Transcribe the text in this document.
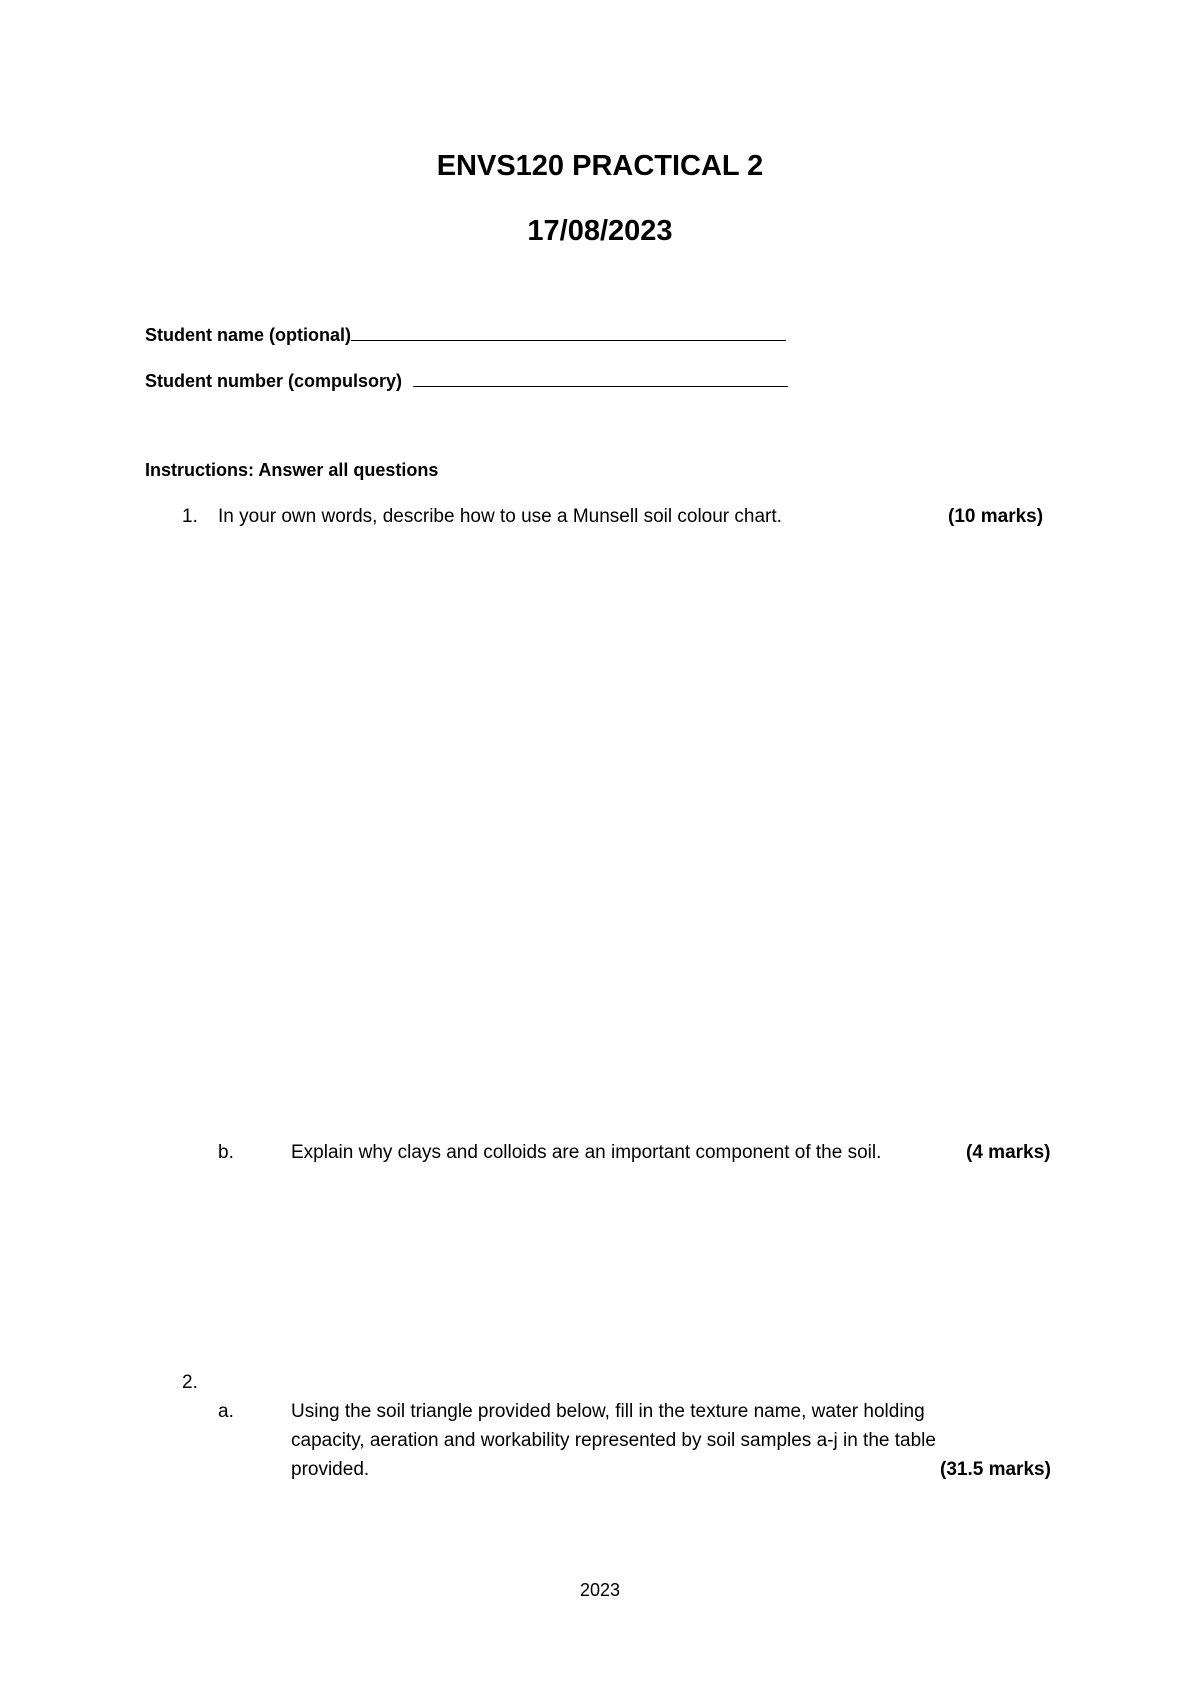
ENVS120 PRACTICAL 2
17/08/2023
Student name (optional)
Student number (compulsory)
Instructions: Answer all questions
1. In your own words, describe how to use a Munsell soil colour chart.	(10 marks)
b.	Explain why clays and colloids are an important component of the soil.	(4 marks)
2.
a.	Using the soil triangle provided below, fill in the texture name, water holding
capacity, aeration and workability represented by soil samples a-j in the table
provided.	(31.5 marks)
2023
